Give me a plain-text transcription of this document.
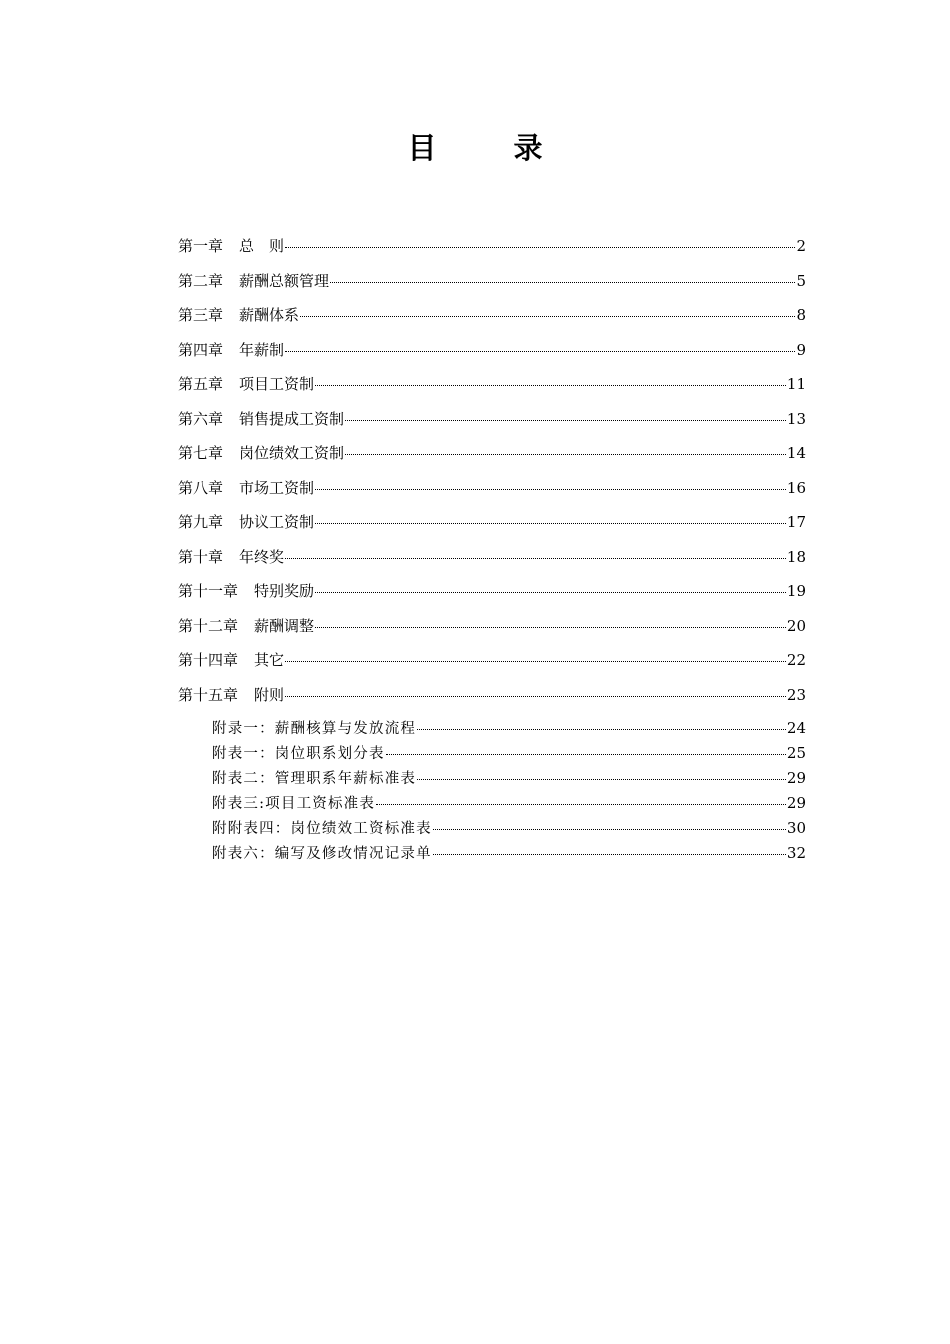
目　录
第一章 总　则	2
第二章 薪酬总额管理	5
第三章 薪酬体系	8
第四章 年薪制	9
第五章 项目工资制	11
第六章 销售提成工资制	13
第七章 岗位绩效工资制	14
第八章 市场工资制	16
第九章 协议工资制	17
第十章 年终奖	18
第十一章 特别奖励	19
第十二章 薪酬调整	20
第十四章 其它	22
第十五章 附则	23
附录一：薪酬核算与发放流程	24
附表一：岗位职系划分表	25
附表二：管理职系年薪标准表	29
附表三:项目工资标准表	29
附附表四：岗位绩效工资标准表	30
附表六：编写及修改情况记录单	32
